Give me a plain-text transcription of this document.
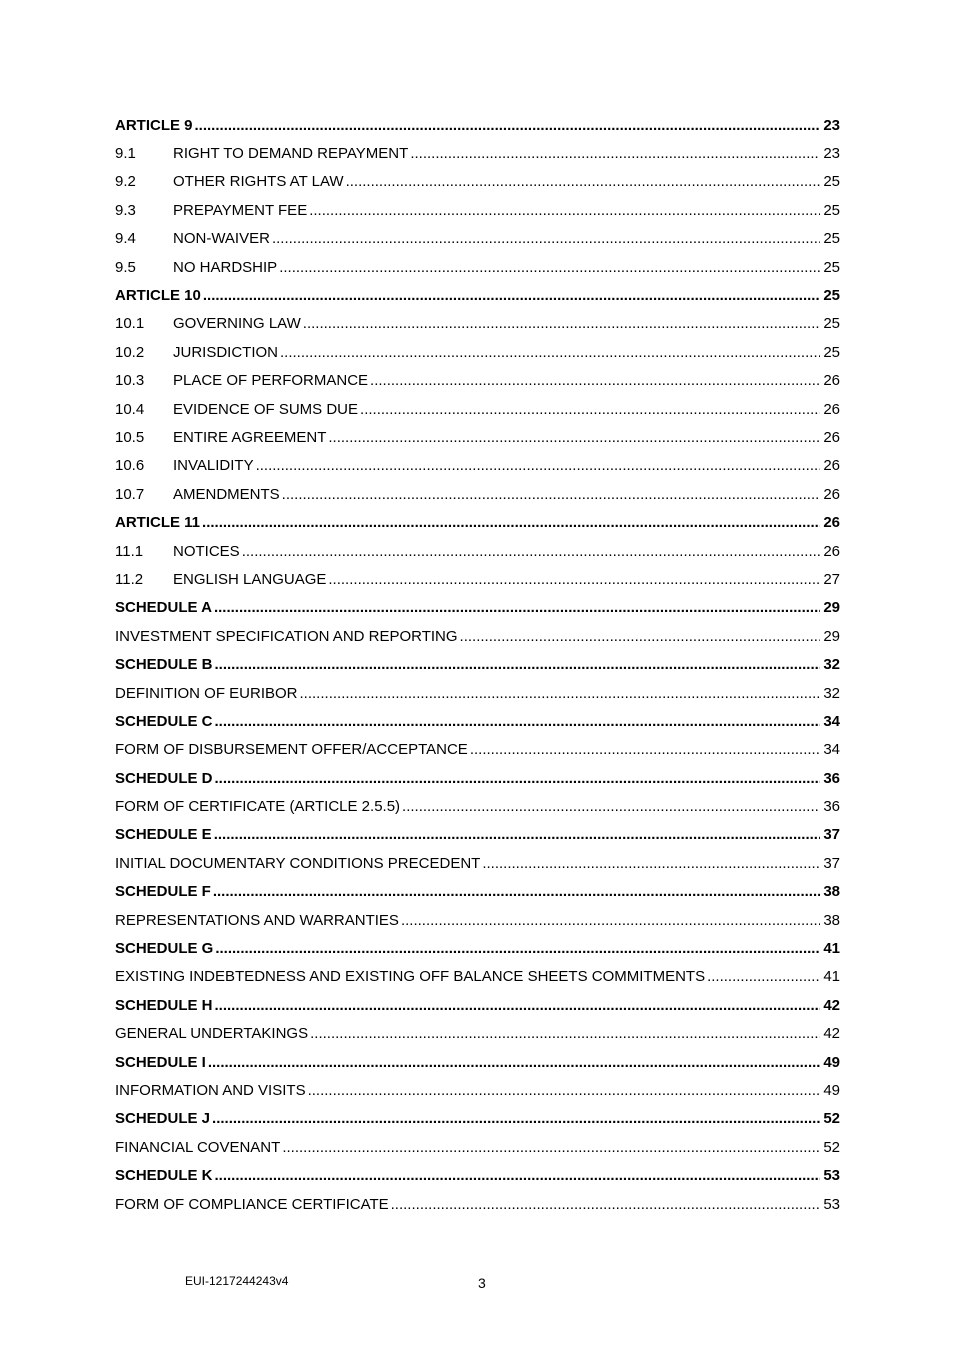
ARTICLE 9 .....	23
9.1	RIGHT TO DEMAND REPAYMENT .....	23
9.2	OTHER RIGHTS AT LAW .....	25
9.3	PREPAYMENT FEE .....	25
9.4	NON-WAIVER .....	25
9.5	NO HARDSHIP .....	25
ARTICLE 10 .....	25
10.1	GOVERNING LAW .....	25
10.2	JURISDICTION .....	25
10.3	PLACE OF PERFORMANCE .....	26
10.4	EVIDENCE OF SUMS DUE .....	26
10.5	ENTIRE AGREEMENT .....	26
10.6	INVALIDITY .....	26
10.7	AMENDMENTS .....	26
ARTICLE 11 .....	26
11.1	NOTICES .....	26
11.2	ENGLISH LANGUAGE .....	27
SCHEDULE A .....	29
INVESTMENT SPECIFICATION AND REPORTING .....	29
SCHEDULE B .....	32
DEFINITION OF EURIBOR .....	32
SCHEDULE C .....	34
FORM OF DISBURSEMENT OFFER/ACCEPTANCE .....	34
SCHEDULE D .....	36
FORM OF CERTIFICATE (ARTICLE 2.5.5) .....	36
SCHEDULE E .....	37
INITIAL DOCUMENTARY CONDITIONS PRECEDENT .....	37
SCHEDULE F .....	38
REPRESENTATIONS AND WARRANTIES .....	38
SCHEDULE G .....	41
EXISTING INDEBTEDNESS AND EXISTING OFF BALANCE SHEETS COMMITMENTS .....	41
SCHEDULE H .....	42
GENERAL UNDERTAKINGS .....	42
SCHEDULE I .....	49
INFORMATION AND VISITS .....	49
SCHEDULE J .....	52
FINANCIAL COVENANT .....	52
SCHEDULE K .....	53
FORM OF COMPLIANCE CERTIFICATE .....	53
EUI-1217244243v4	3
